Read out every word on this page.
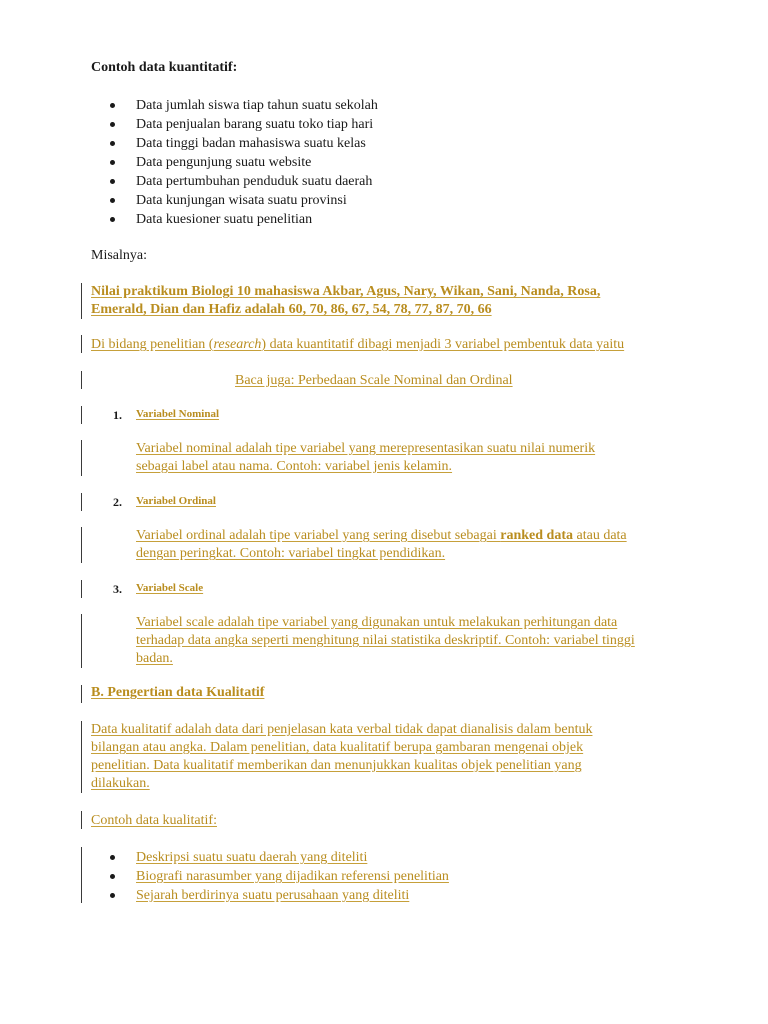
Contoh data kuantitatif:
Data jumlah siswa tiap tahun suatu sekolah
Data penjualan barang suatu toko tiap hari
Data tinggi badan mahasiswa suatu kelas
Data pengunjung suatu website
Data pertumbuhan penduduk suatu daerah
Data kunjungan wisata suatu provinsi
Data kuesioner suatu penelitian
Misalnya:
Nilai praktikum Biologi 10 mahasiswa Akbar, Agus, Nary, Wikan, Sani, Nanda, Rosa,
Emerald, Dian dan Hafiz adalah 60, 70, 86, 67, 54, 78, 77, 87, 70, 66
Di bidang penelitian (research) data kuantitatif dibagi menjadi 3 variabel pembentuk data yaitu
Baca juga: Perbedaan Scale Nominal dan Ordinal
1. Variabel Nominal
Variabel nominal adalah tipe variabel yang merepresentasikan suatu nilai numerik
sebagai label atau nama. Contoh: variabel jenis kelamin.
2. Variabel Ordinal
Variabel ordinal adalah tipe variabel yang sering disebut sebagai ranked data atau data
dengan peringkat. Contoh: variabel tingkat pendidikan.
3. Variabel Scale
Variabel scale adalah tipe variabel yang digunakan untuk melakukan perhitungan data
terhadap data angka seperti menghitung nilai statistika deskriptif. Contoh: variabel tinggi
badan.
B. Pengertian data Kualitatif
Data kualitatif adalah data dari penjelasan kata verbal tidak dapat dianalisis dalam bentuk
bilangan atau angka. Dalam penelitian, data kualitatif berupa gambaran mengenai objek
penelitian. Data kualitatif memberikan dan menunjukkan kualitas objek penelitian yang
dilakukan.
Contoh data kualitatif:
Deskripsi suatu suatu daerah yang diteliti
Biografi narasumber yang dijadikan referensi penelitian
Sejarah berdirinya suatu perusahaan yang diteliti
